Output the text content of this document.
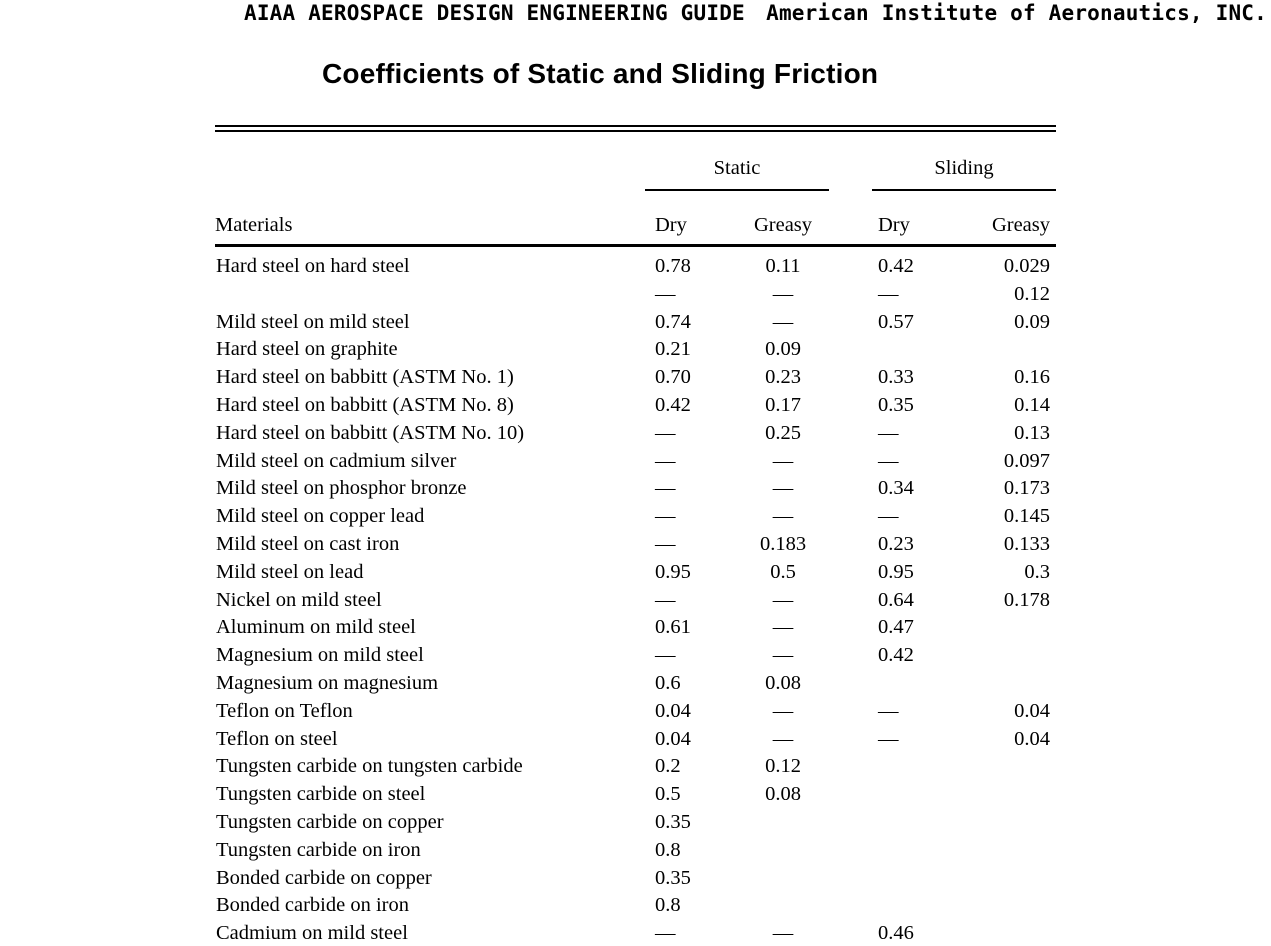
AIAA AEROSPACE DESIGN ENGINEERING GUIDE American Institute of Aeronautics, INC.
Coefficients of Static and Sliding Friction
	Static			Sliding	
Materials	Dry	Greasy		Dry	Greasy
Hard steel on hard steel	0.78	0.11		0.42	0.029
	—	—		—	0.12
Mild steel on mild steel	0.74	—		0.57	0.09
Hard steel on graphite	0.21	0.09			
Hard steel on babbitt (ASTM No. 1)	0.70	0.23		0.33	0.16
Hard steel on babbitt (ASTM No. 8)	0.42	0.17		0.35	0.14
Hard steel on babbitt (ASTM No. 10)	—	0.25		—	0.13
Mild steel on cadmium silver	—	—		—	0.097
Mild steel on phosphor bronze	—	—		0.34	0.173
Mild steel on copper lead	—	—		—	0.145
Mild steel on cast iron	—	0.183		0.23	0.133
Mild steel on lead	0.95	0.5		0.95	0.3
Nickel on mild steel	—	—		0.64	0.178
Aluminum on mild steel	0.61	—		0.47	
Magnesium on mild steel	—	—		0.42	
Magnesium on magnesium	0.6	0.08			
Teflon on Teflon	0.04	—		—	0.04
Teflon on steel	0.04	—		—	0.04
Tungsten carbide on tungsten carbide	0.2	0.12			
Tungsten carbide on steel	0.5	0.08			
Tungsten carbide on copper	0.35				
Tungsten carbide on iron	0.8				
Bonded carbide on copper	0.35				
Bonded carbide on iron	0.8				
Cadmium on mild steel	—	—		0.46	
